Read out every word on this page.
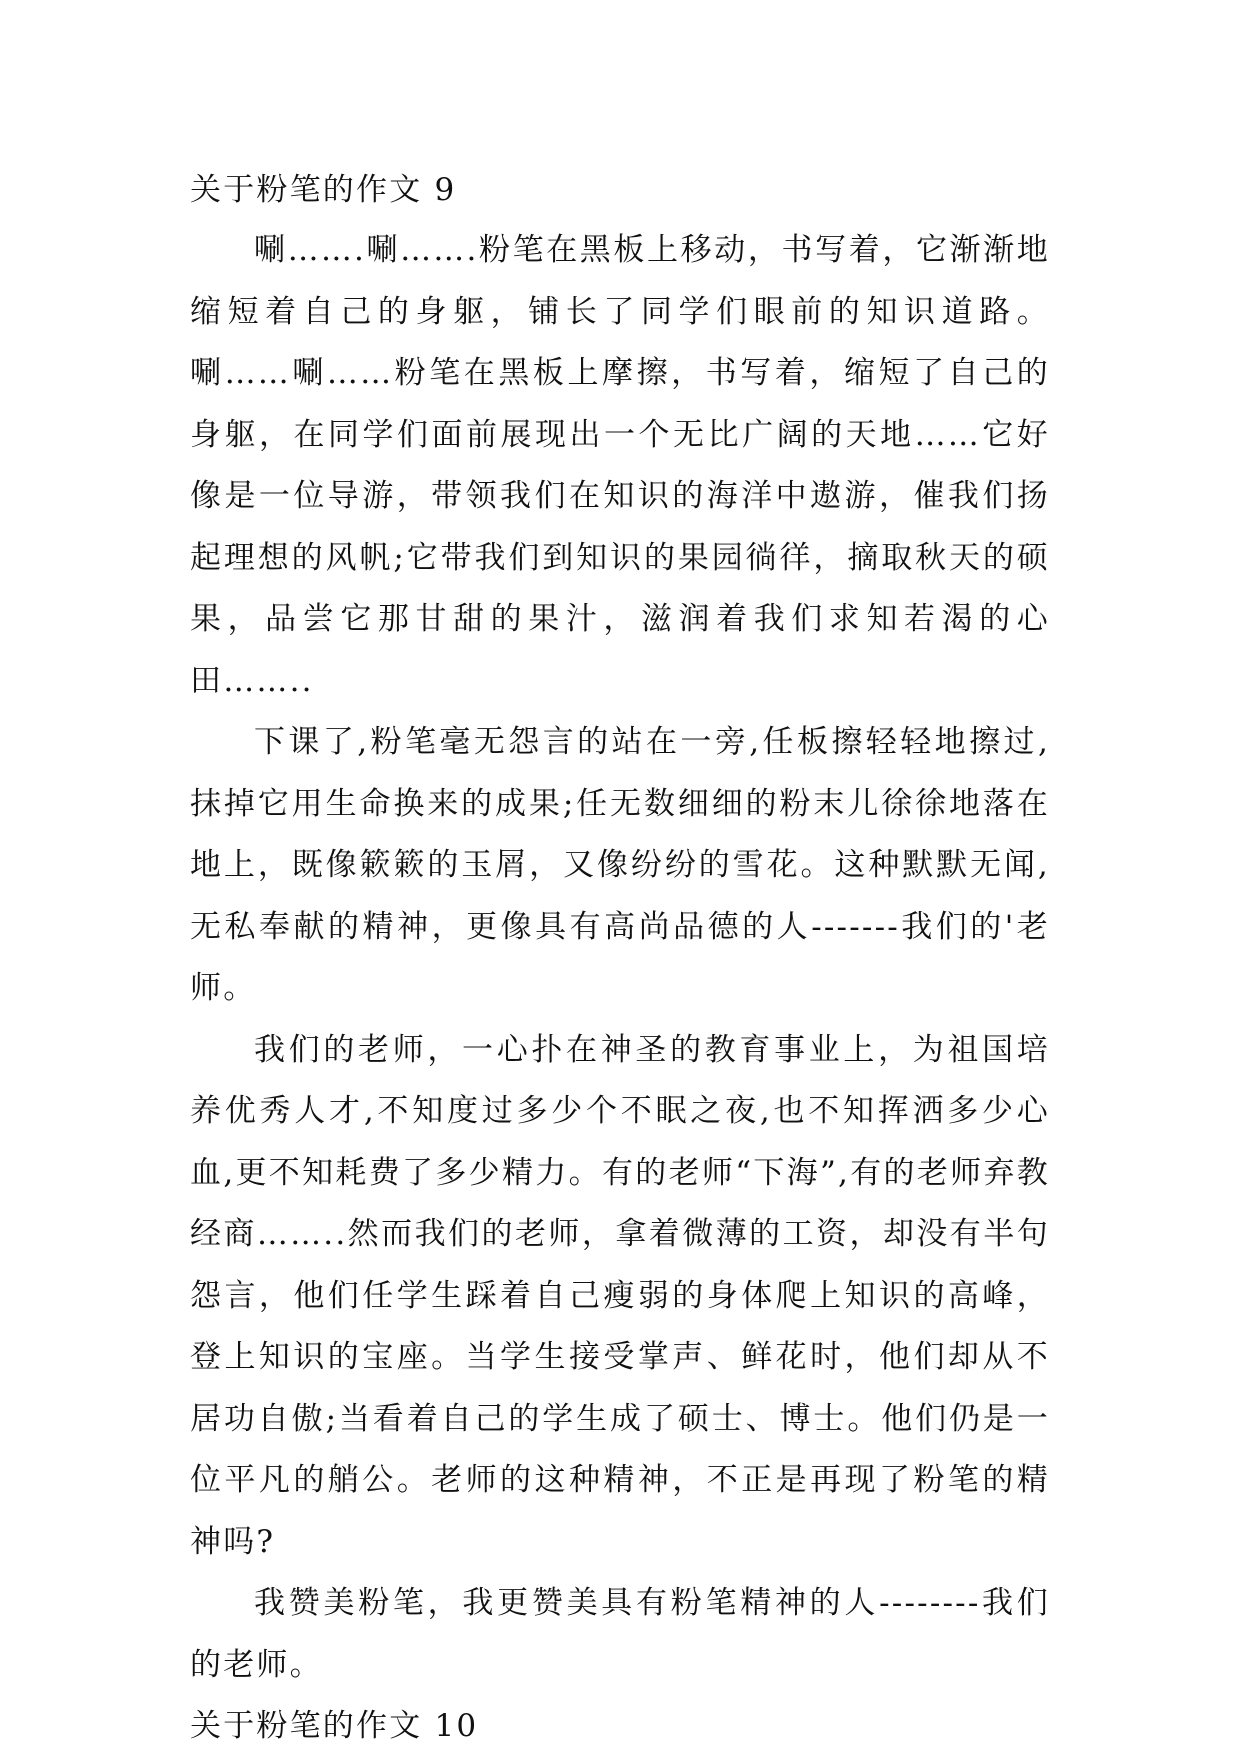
关于粉笔的作文 9

唰…….唰…….粉笔在黑板上移动，书写着，它渐渐地缩短着自己的身躯，铺长了同学们眼前的知识道路。唰……唰……粉笔在黑板上摩擦，书写着，缩短了自己的身躯，在同学们面前展现出一个无比广阔的天地……它好像是一位导游，带领我们在知识的海洋中遨游，催我们扬起理想的风帆;它带我们到知识的果园徜徉，摘取秋天的硕果，品尝它那甘甜的果汁，滋润着我们求知若渴的心田……..

下课了,粉笔毫无怨言的站在一旁,任板擦轻轻地擦过,抹掉它用生命换来的成果;任无数细细的粉末儿徐徐地落在地上，既像簌簌的玉屑，又像纷纷的雪花。这种默默无闻,无私奉献的精神，更像具有高尚品德的人-------我们的'老师。

我们的老师，一心扑在神圣的教育事业上，为祖国培养优秀人才,不知度过多少个不眠之夜,也不知挥洒多少心血,更不知耗费了多少精力。有的老师“下海”,有的老师弃教经商……..然而我们的老师，拿着微薄的工资，却没有半句怨言，他们任学生踩着自己瘦弱的身体爬上知识的高峰，登上知识的宝座。当学生接受掌声、鲜花时，他们却从不居功自傲;当看着自己的学生成了硕士、博士。他们仍是一位平凡的艄公。老师的这种精神，不正是再现了粉笔的精神吗?

我赞美粉笔，我更赞美具有粉笔精神的人--------我们的老师。

关于粉笔的作文 10
